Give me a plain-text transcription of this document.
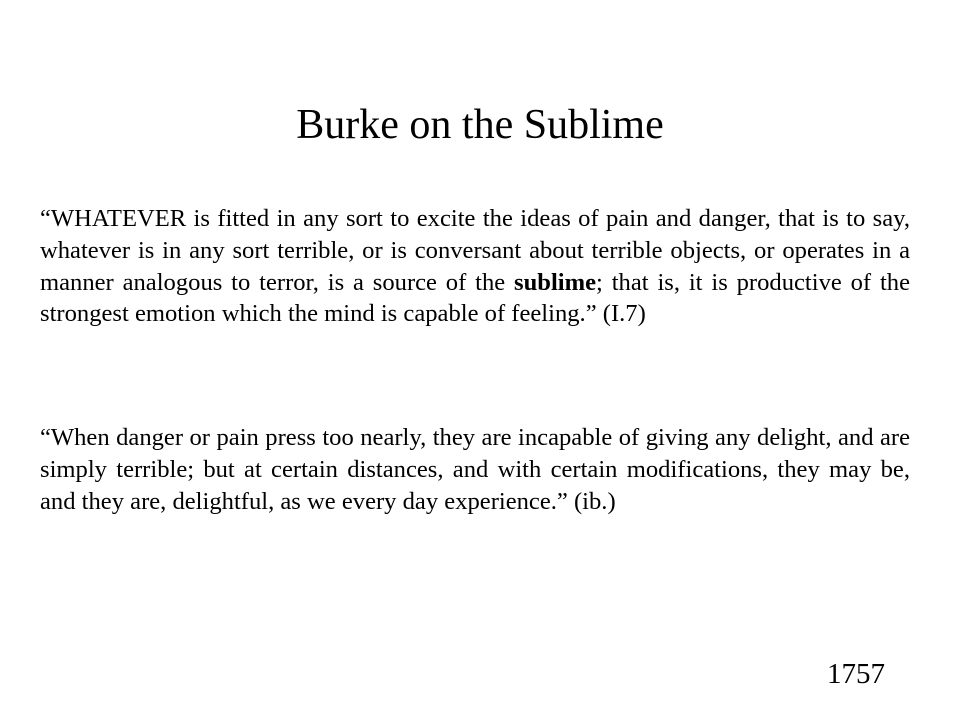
Burke on the Sublime

“WHATEVER is fitted in any sort to excite the ideas of pain and danger, that is to say, whatever is in any sort terrible, or is conversant about terrible objects, or operates in a manner analogous to terror, is a source of the sublime; that is, it is productive of the strongest emotion which the mind is capable of feeling.” (I.7)

“When danger or pain press too nearly, they are incapable of giving any delight, and are simply terrible; but at certain distances, and with certain modifications, they may be, and they are, delightful, as we every day experience.” (ib.)

1757
